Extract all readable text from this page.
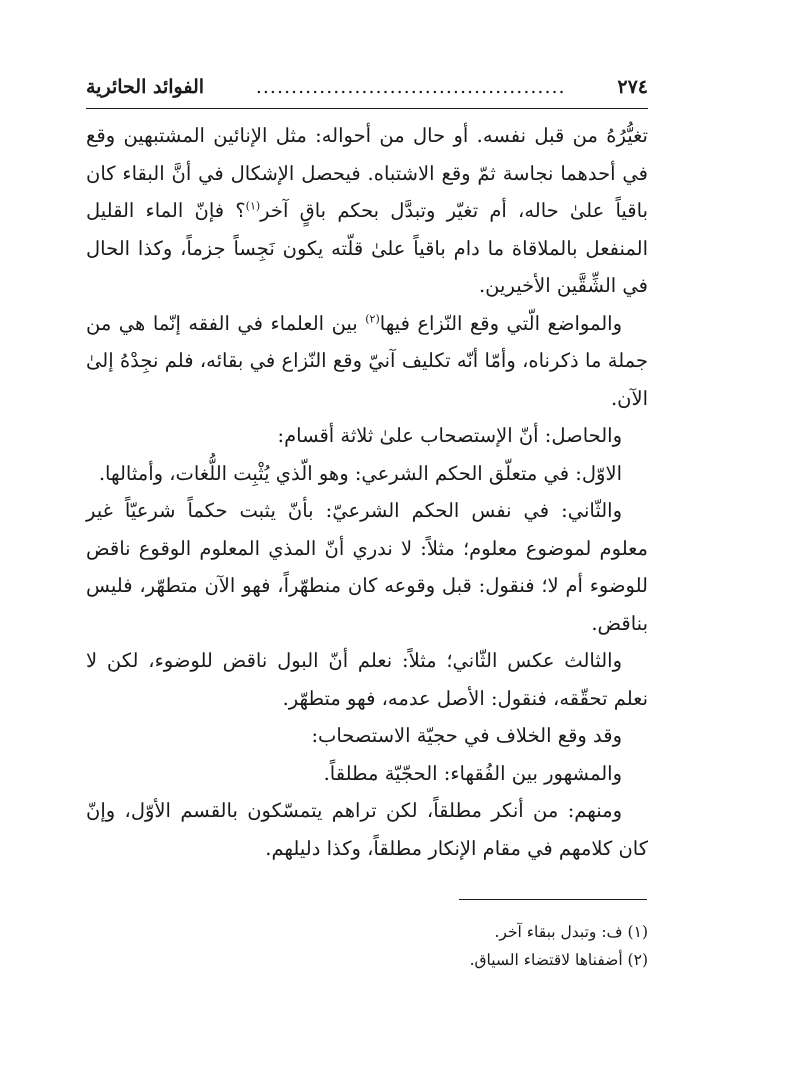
٢٧٤
............................................
الفوائد الحائرية

تغيُّرُهُ من قبل نفسه. أو حال من أحواله: مثل الإنائين المشتبهين وقع في أحدهما نجاسة ثمّ وقع الاشتباه. فيحصل الإشكال في أنَّ البقاء كان باقياً علىٰ حاله، أم تغيّر وتبدَّل بحكم باقٍ آخر$^{(١)}$؟ فإنّ الماء القليل المنفعل بالملاقاة ما دام باقياً علىٰ قلّته يكون نَجِساً جزماً، وكذا الحال في الشِّقَّين الأخيرين.

والمواضع الّتي وقع النّزاع فيها$^{(٢)}$ بين العلماء في الفقه إنّما هي من جملة ما ذكرناه، وأمّا أنّه تكليف آنيّ وقع النّزاع في بقائه، فلم نجِدْهُ إلىٰ الآن.

والحاصل: أنّ الإستصحاب علىٰ ثلاثة أقسام:

الاوّل: في متعلّق الحكم الشرعي: وهو الّذي يُثْبِت اللُّغات، وأمثالها.

والثّاني: في نفس الحكم الشرعيّ: بأنّ يثبت حكماً شرعيّاً غير معلوم لموضوع معلوم؛ مثلاً: لا ندري أنّ المذي المعلوم الوقوع ناقض للوضوء أم لا؛ فنقول: قبل وقوعه كان منطهّراً، فهو الآن متطهّر، فليس بناقض.

والثالث عكس الثّاني؛ مثلاً: نعلم أنّ البول ناقض للوضوء، لكن لا نعلم تحقّقه، فنقول: الأصل عدمه، فهو متطهّر.

وقد وقع الخلاف في حجيّة الاستصحاب:

والمشهور بين الفُقهاء: الحجّيّة مطلقاً.

ومنهم: من أنكر مطلقاً، لكن تراهم يتمسّكون بالقسم الأوّل، وإنّ كان كلامهم في مقام الإنكار مطلقاً، وكذا دليلهم.

(١) ف: وتبدل ببقاء آخر.
(٢) أضفناها لاقتضاء السياق.
